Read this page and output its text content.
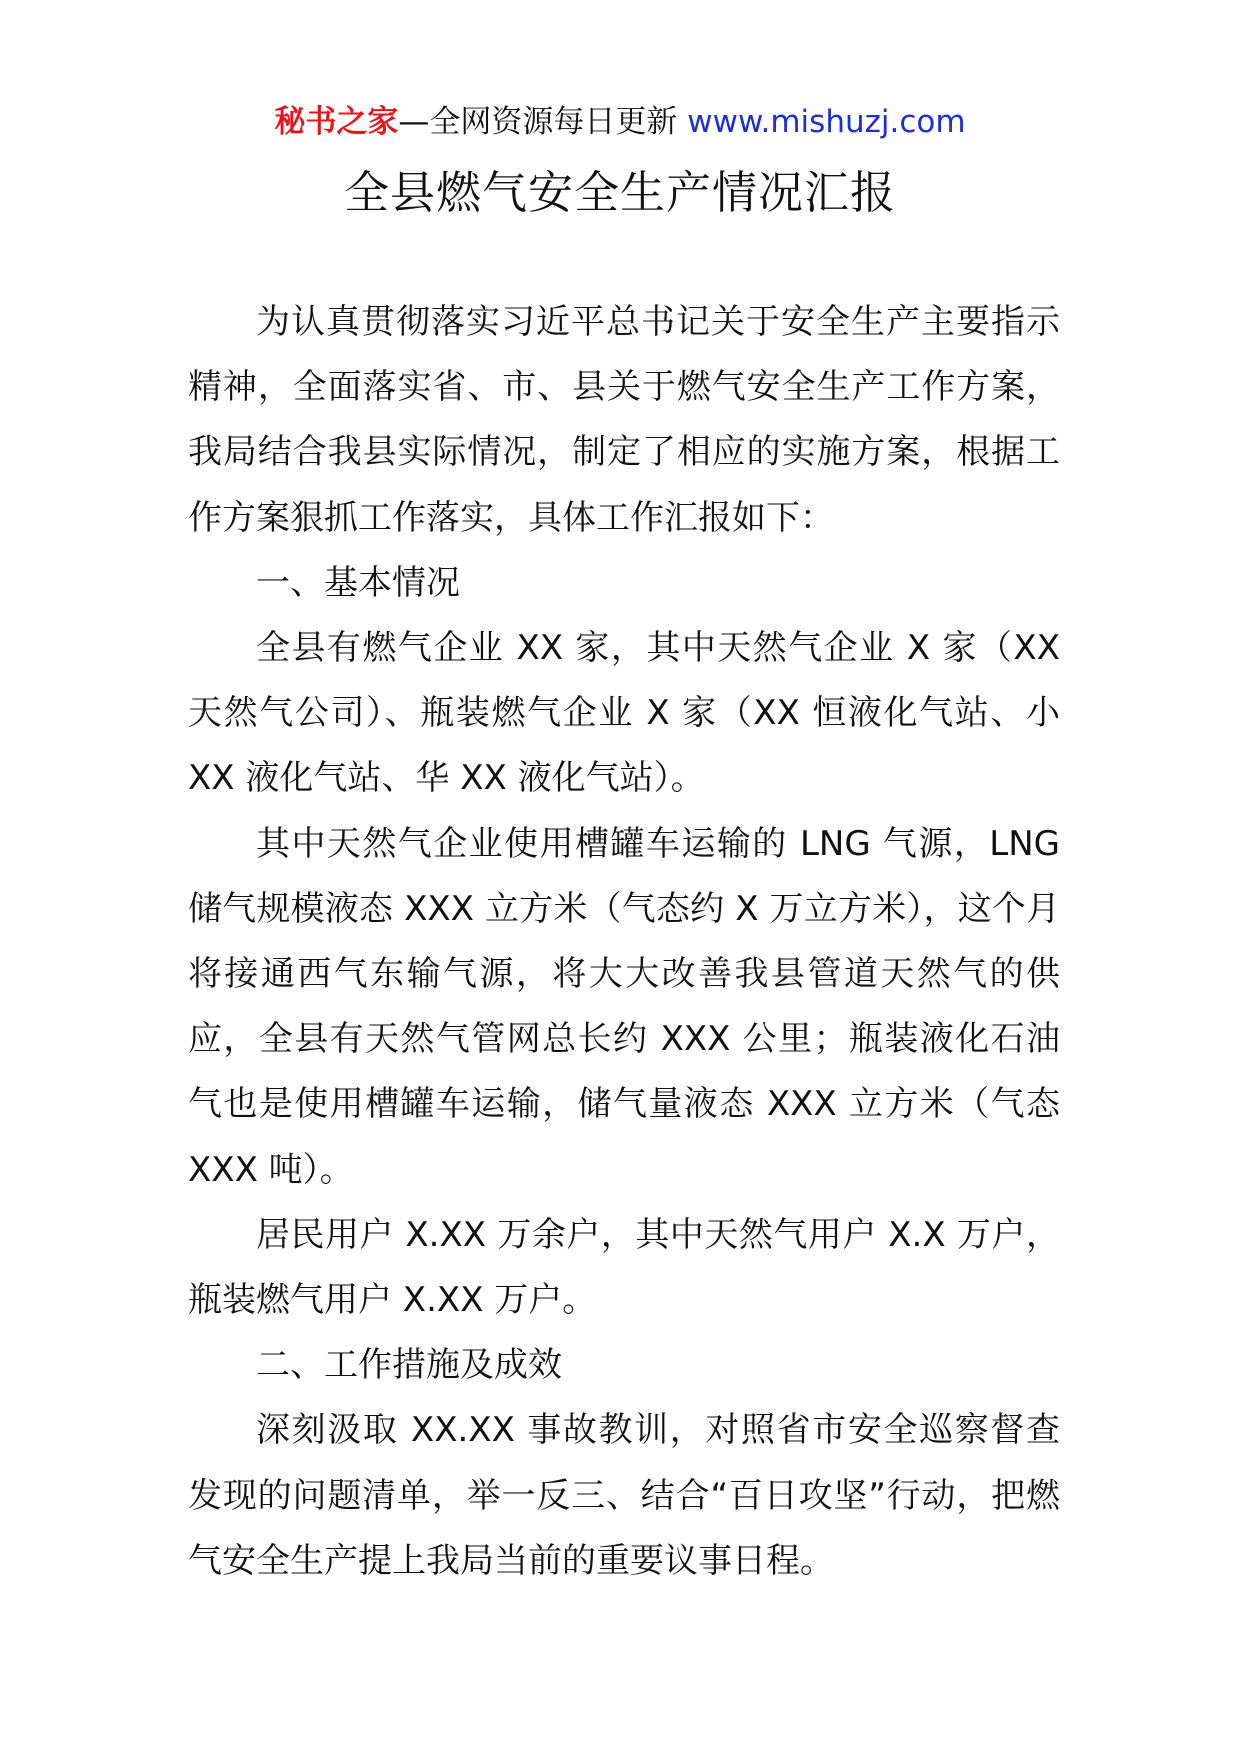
秘书之家—全网资源每日更新 www.mishuzj.com
全县燃气安全生产情况汇报

为认真贯彻落实习近平总书记关于安全生产主要指示精神，全面落实省、市、县关于燃气安全生产工作方案，我局结合我县实际情况，制定了相应的实施方案，根据工作方案狠抓工作落实，具体工作汇报如下：

一、基本情况

全县有燃气企业 XX 家，其中天然气企业 X 家（XX 天然气公司）、瓶装燃气企业 X 家（XX 恒液化气站、小 XX 液化气站、华 XX 液化气站）。

其中天然气企业使用槽罐车运输的 LNG 气源，LNG 储气规模液态 XXX 立方米（气态约 X 万立方米），这个月将接通西气东输气源，将大大改善我县管道天然气的供应，全县有天然气管网总长约 XXX 公里；瓶装液化石油气也是使用槽罐车运输，储气量液态 XXX 立方米（气态 XXX 吨）。

居民用户 X.XX 万余户，其中天然气用户 X.X 万户，瓶装燃气用户 X.XX 万户。

二、工作措施及成效

深刻汲取 XX.XX 事故教训，对照省市安全巡察督查发现的问题清单，举一反三、结合“百日攻坚”行动，把燃气安全生产提上我局当前的重要议事日程。
